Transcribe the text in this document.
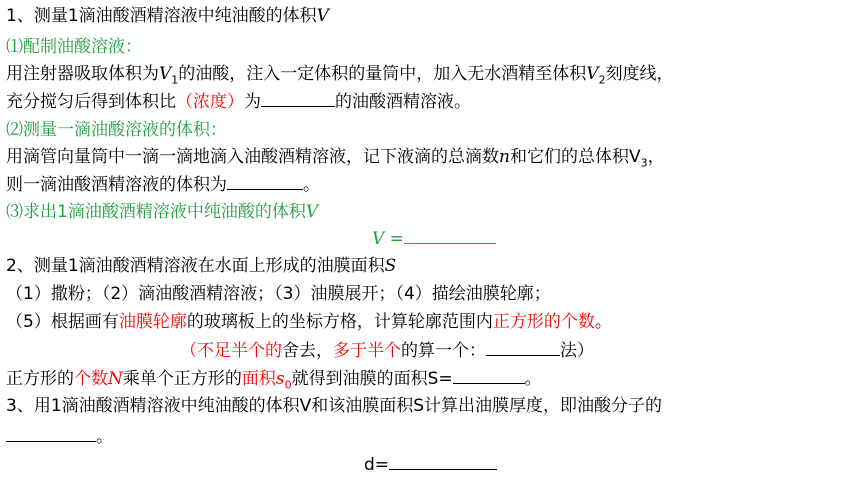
1、测量1滴油酸酒精溶液中纯油酸的体积V
⑴配制油酸溶液：
用注射器吸取体积为$V_1$的油酸，注入一定体积的量筒中，加入无水酒精至体积$V_2$刻度线，
充分搅匀后得到体积比（浓度）为	的油酸酒精溶液。
⑵测量一滴油酸溶液的体积：
用滴管向量筒中一滴一滴地滴入油酸酒精溶液，记下液滴的总滴数n和它们的总体积$V_3$，
则一滴油酸酒精溶液的体积为	。
⑶求出1滴油酸酒精溶液中纯油酸的体积V
V =
2、测量1滴油酸酒精溶液在水面上形成的油膜面积S
（1）撒粉；（2）滴油酸酒精溶液；（3）油膜展开；（4）描绘油膜轮廓；
（5）根据画有油膜轮廓的玻璃板上的坐标方格，计算轮廓范围内正方形的个数。
（不足半个的舍去，多于半个的算一个：	法）
正方形的个数N乘单个正方形的面积$s_0$就得到油膜的面积S=	。
3、用1滴油酸酒精溶液中纯油酸的体积V和该油膜面积S计算出油膜厚度，即油酸分子的
。
d=
